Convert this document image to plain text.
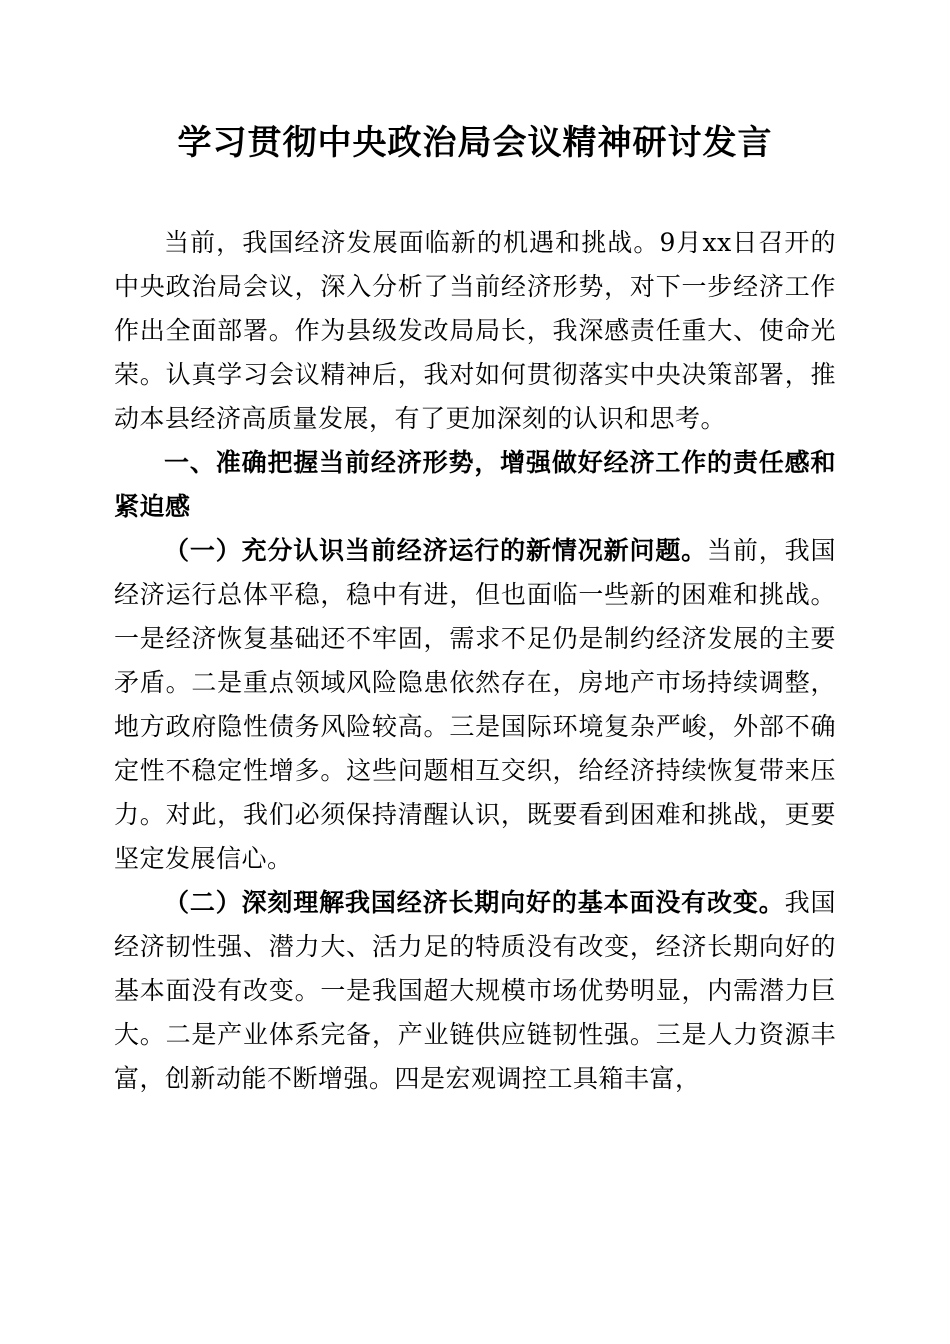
学习贯彻中央政治局会议精神研讨发言

当前，我国经济发展面临新的机遇和挑战。9月xx日召开的中央政治局会议，深入分析了当前经济形势，对下一步经济工作作出全面部署。作为县级发改局局长，我深感责任重大、使命光荣。认真学习会议精神后，我对如何贯彻落实中央决策部署，推动本县经济高质量发展，有了更加深刻的认识和思考。

一、准确把握当前经济形势，增强做好经济工作的责任感和紧迫感

（一）充分认识当前经济运行的新情况新问题。当前，我国经济运行总体平稳，稳中有进，但也面临一些新的困难和挑战。一是经济恢复基础还不牢固，需求不足仍是制约经济发展的主要矛盾。二是重点领域风险隐患依然存在，房地产市场持续调整，地方政府隐性债务风险较高。三是国际环境复杂严峻，外部不确定性不稳定性增多。这些问题相互交织，给经济持续恢复带来压力。对此，我们必须保持清醒认识，既要看到困难和挑战，更要坚定发展信心。

（二）深刻理解我国经济长期向好的基本面没有改变。我国经济韧性强、潜力大、活力足的特质没有改变，经济长期向好的基本面没有改变。一是我国超大规模市场优势明显，内需潜力巨大。二是产业体系完备，产业链供应链韧性强。三是人力资源丰富，创新动能不断增强。四是宏观调控工具箱丰富，
